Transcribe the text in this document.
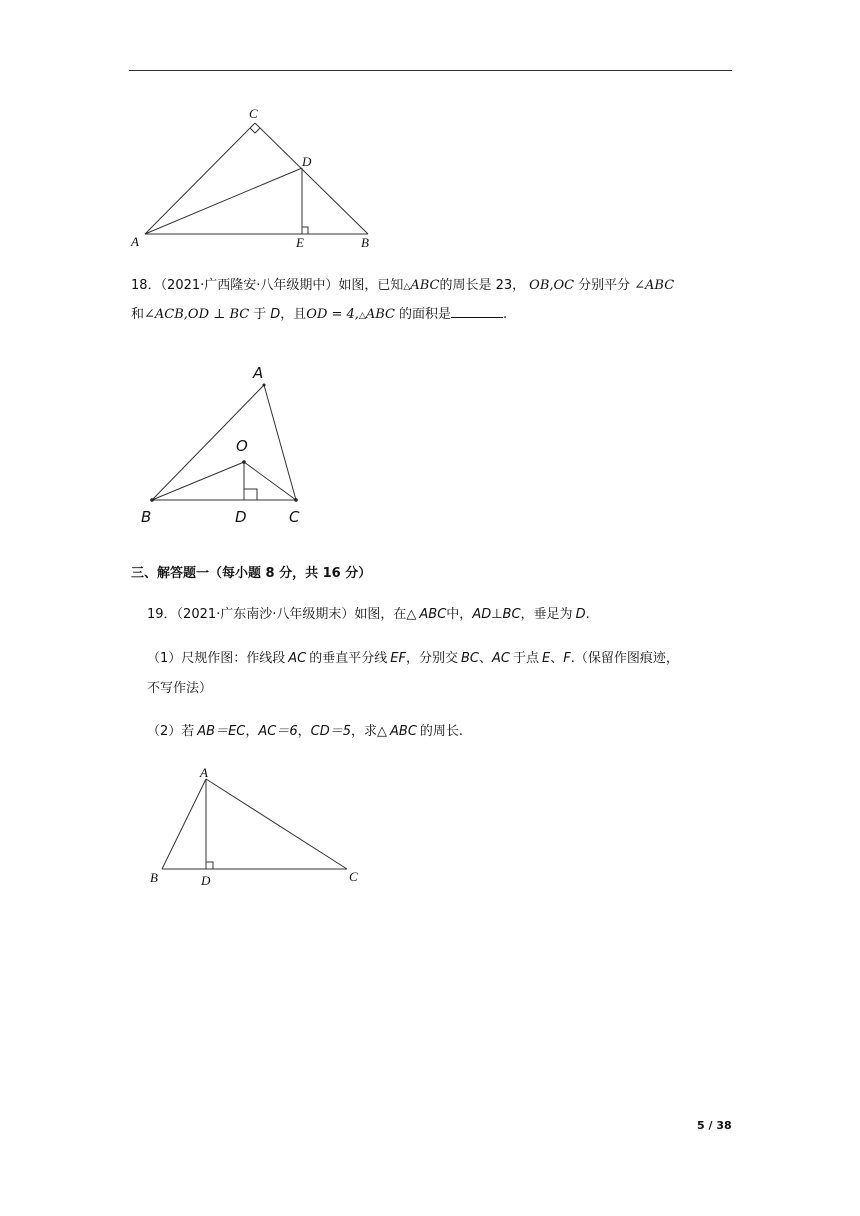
C
D
A	E	B
18．（2021·广西隆安·八年级期中）如图，已知△ABC的周长是 23， OB,OC 分别平分 ∠ABC
和∠ACB,OD ⊥ BC 于 D，且OD = 4,△ABC 的面积是	.
A
O
B	D	C
三、解答题一（每小题 8 分，共 16 分）
19．（2021·广东南沙·八年级期末）如图，在△ ABC中，AD⊥BC，垂足为 D.
（1）尺规作图：作线段 AC 的垂直平分线 EF，分别交 BC、AC 于点 E、F.（保留作图痕迹，
不写作法）
（2）若 AB＝EC，AC＝6，CD＝5，求△ ABC 的周长.
A
B	D	C
5 / 38
